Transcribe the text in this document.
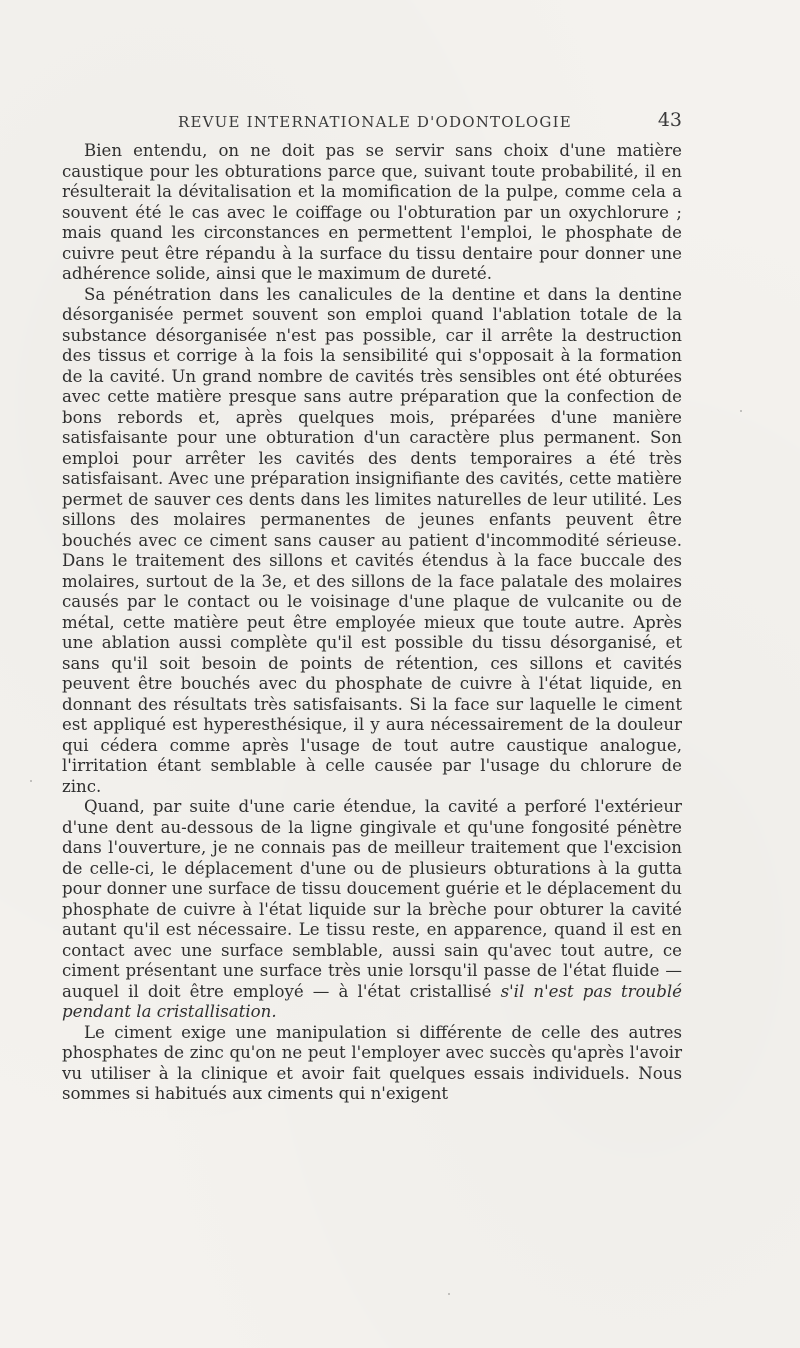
REVUE INTERNATIONALE D'ODONTOLOGIE	43

Bien entendu, on ne doit pas se servir sans choix d'une matière caustique pour les obturations parce que, suivant toute probabilité, il en résulterait la dévitalisation et la momification de la pulpe, comme cela a souvent été le cas avec le coiffage ou l'obturation par un oxychlorure ; mais quand les circonstances en permettent l'emploi, le phosphate de cuivre peut être répandu à la surface du tissu dentaire pour donner une adhérence solide, ainsi que le maximum de dureté.

Sa pénétration dans les canalicules de la dentine et dans la dentine désorganisée permet souvent son emploi quand l'ablation totale de la substance désorganisée n'est pas possible, car il arrête la destruction des tissus et corrige à la fois la sensibilité qui s'opposait à la formation de la cavité. Un grand nombre de cavités très sensibles ont été obturées avec cette matière presque sans autre préparation que la confection de bons rebords et, après quelques mois, préparées d'une manière satisfaisante pour une obturation d'un caractère plus permanent. Son emploi pour arrêter les cavités des dents temporaires a été très satisfaisant. Avec une préparation insignifiante des cavités, cette matière permet de sauver ces dents dans les limites naturelles de leur utilité. Les sillons des molaires permanentes de jeunes enfants peuvent être bouchés avec ce ciment sans causer au patient d'incommodité sérieuse. Dans le traitement des sillons et cavités étendus à la face buccale des molaires, surtout de la 3e, et des sillons de la face palatale des molaires causés par le contact ou le voisinage d'une plaque de vulcanite ou de métal, cette matière peut être employée mieux que toute autre. Après une ablation aussi complète qu'il est possible du tissu désorganisé, et sans qu'il soit besoin de points de rétention, ces sillons et cavités peuvent être bouchés avec du phosphate de cuivre à l'état liquide, en donnant des résultats très satisfaisants. Si la face sur laquelle le ciment est appliqué est hyperesthésique, il y aura nécessairement de la douleur qui cédera comme après l'usage de tout autre caustique analogue, l'irritation étant semblable à celle causée par l'usage du chlorure de zinc.

Quand, par suite d'une carie étendue, la cavité a perforé l'extérieur d'une dent au-dessous de la ligne gingivale et qu'une fongosité pénètre dans l'ouverture, je ne connais pas de meilleur traitement que l'excision de celle-ci, le déplacement d'une ou de plusieurs obturations à la gutta pour donner une surface de tissu doucement guérie et le déplacement du phosphate de cuivre à l'état liquide sur la brèche pour obturer la cavité autant qu'il est nécessaire. Le tissu reste, en apparence, quand il est en contact avec une surface semblable, aussi sain qu'avec tout autre, ce ciment présentant une surface très unie lorsqu'il passe de l'état fluide — auquel il doit être employé — à l'état cristallisé s'il n'est pas troublé pendant la cristallisation.

Le ciment exige une manipulation si différente de celle des autres phosphates de zinc qu'on ne peut l'employer avec succès qu'après l'avoir vu utiliser à la clinique et avoir fait quelques essais individuels. Nous sommes si habitués aux ciments qui n'exigent
